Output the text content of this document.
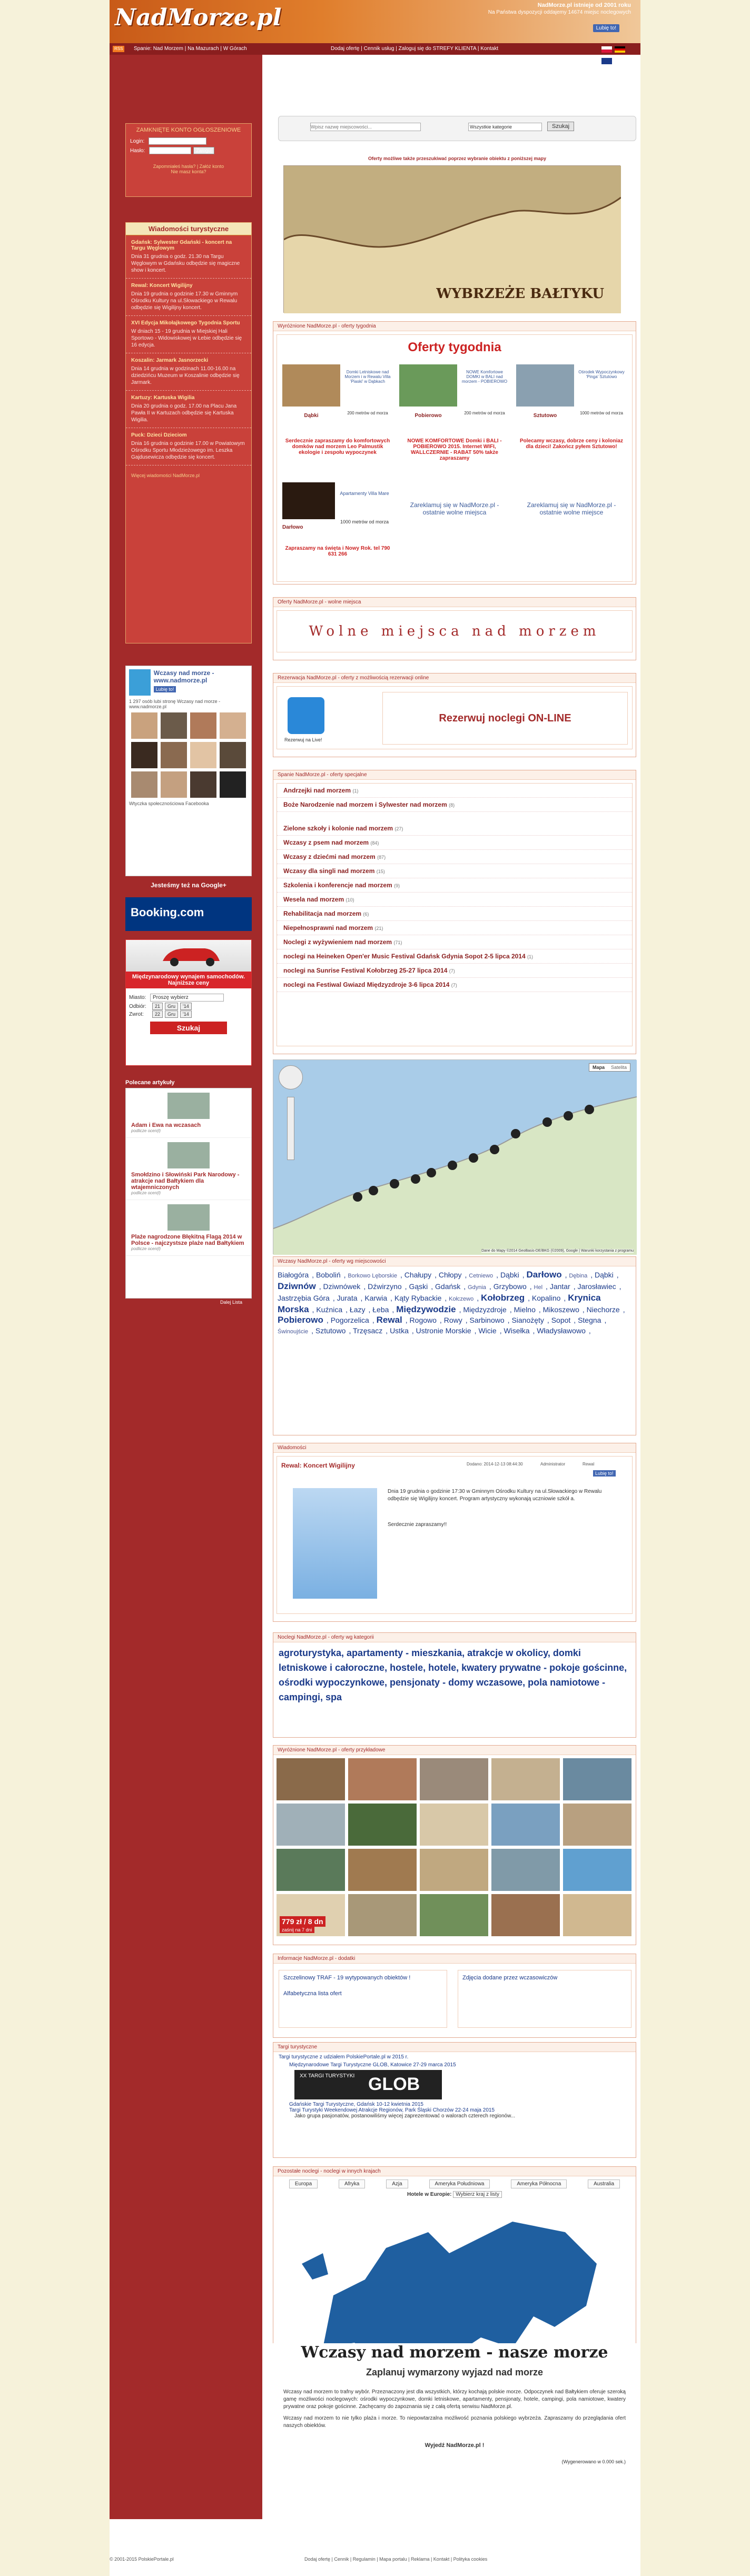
NadMorze.pl	NadMorze.pl istnieje od 2001 roku
Na Państwa dyspozycji oddajemy 14674 miejsc noclegowych
Lubię to!
RSS	Spanie: Nad Morzem | Na Mazurach | W Górach	Dodaj ofertę | Cennik usług | Zaloguj się do STREFY KLIENTA | Kontakt

ZAMKNIĘTE KONTO OGŁOSZENIOWE
Login:
Hasło:	Zaloguj
Zapomniałeś hasła? | Załóż konto
Nie masz konta?
Wiadomości turystyczne
Gdańsk: Sylwester Gdański - koncert na Targu Węglowym

Dnia 31 grudnia o godz. 21.30 na Targu Węglowym w Gdańsku odbędzie się magiczne show i koncert.

Rewal: Koncert Wigilijny

Dnia 19 grudnia o godzinie 17.30 w Gminnym Ośrodku Kultury na ul.Słowackiego w Rewalu odbędzie się Wigilijny koncert.

XVI Edycja Mikołajkowego Tygodnia Sportu

W dniach 15 - 19 grudnia w Miejskiej Hali Sportowo - Widowiskowej w Łebie odbędzie się 16 edycja.

Koszalin: Jarmark Jasnorzecki

Dnia 14 grudnia w godzinach 11.00-16.00 na dziedzińcu Muzeum w Koszalinie odbędzie się Jarmark.

Kartuzy: Kartuska Wigilia

Dnia 20 grudnia o godz. 17.00 na Placu Jana Pawła II w Kartuzach odbędzie się Kartuska Wigilia.

Puck: Dzieci Dzieciom

Dnia 16 grudnia o godzinie 17.00 w Powiatowym Ośrodku Sportu Młodzieżowego im. Leszka Gajdusewicza odbędzie się koncert.

Więcej wiadomości NadMorze.pl
Wczasy nad morze - www.nadmorze.pl
Lubię to!
1 297 osób lubi stronę Wczasy nad morze - www.nadmorze.pl
Wtyczka społecznościowa Facebooka
Jesteśmy też na Google+
Booking.com
Międzynarodowy wynajem samochodów. Najniższe ceny
Miasto: Proszę wybierz
Odbiór: 21 Gru '14
Zwrot: 22 Gru '14
Szukaj
Polecane artykuły
Adam i Ewa na wczasach
podlicze ocen(ł)
Smołdzino i Słowiński Park Narodowy - atrakcje nad Bałtykiem dla wtajemniczonych
podlicze ocen(ł)
Plaże nagrodzone Błękitną Flagą 2014 w Polsce - najczystsze plaże nad Bałtykiem
podlicze ocen(ł)
Dalej Lista
Wpisz nazwę miejscowości...
Wszystkie kategorie	Szukaj
Oferty możliwe także przeszukiwać poprzez wybranie obiektu z poniższej mapy
WYBRZEŻE BAŁTYKU
Wyróżnione NadMorze.pl - oferty tygodnia
Oferty tygodnia
Domki Letniskowe nad Morzem i w Rewalu Villa 'Piaski' w Dąbkach
Dąbki	200 metrów od morza
NOWE Komfortowe DOMKI w BALI nad morzem - POBIEROWO
Pobierowo	200 metrów od morza
Ośrodek Wypoczynkowy 'Pinga' Sztutowo
Sztutowo	1000 metrów od morza
Serdecznie zapraszamy do komfortowych domków nad morzem Leo Palmustik ekologie i zespołu wypoczynek
NOWE KOMFORTOWE Domki i BALI - POBIEROWO 2015. Internet WIFI, WALLCZERNIE - RABAT 50% także zapraszamy
Polecamy wczasy, dobrze ceny i koloniaz dla dzieci! Zakończ pyłem Sztutowo!
Apartamenty Villa Mare
Darłowo
1000 metrów od morza
Zapraszamy na święta i Nowy Rok. tel 790 631 266
Zareklamuj się w NadMorze.pl - ostatnie wolne miejsca
Zareklamuj się w NadMorze.pl - ostatnie wolne miejsce
Oferty NadMorze.pl - wolne miejsca
Wolne miejsca nad morzem
Rezerwacja NadMorze.pl - oferty z możliwością rezerwacji online
Rezerwuj na Live!
Rezerwuj noclegi ON-LINE
Spanie NadMorze.pl - oferty specjalne
Andrzejki nad morzem (1)
Boże Narodzenie nad morzem i Sylwester nad morzem (8)
Zielone szkoły i kolonie nad morzem (27)
Wczasy z psem nad morzem (84)
Wczasy z dziećmi nad morzem (87)
Wczasy dla singli nad morzem (15)
Szkolenia i konferencje nad morzem (9)
Wesela nad morzem (10)
Rehabilitacja nad morzem (6)
Niepełnosprawni nad morzem (21)
Noclegi z wyżywieniem nad morzem (71)
noclegi na Heineken Open'er Music Festival Gdańsk Gdynia Sopot 2-5 lipca 2014 (1)
noclegi na Sunrise Festival Kołobrzeg 25-27 lipca 2014 (7)
noclegi na Festiwal Gwiazd Międzyzdroje 3-6 lipca 2014 (7)
Mapa Satelita
Dane do Mapy ©2014 GeoBasis-DE/BKG (©2009), Google | Warunki korzystania z programu
Wczasy NadMorze.pl - oferty wg miejscowości
Białogóra , Boboliń , Borkowo Lęborskie , Chałupy , Chłopy , Cetniewo , Dąbki , Darłowo , Dębina , Dąbki , Dziwnów , Dziwnówek , Dźwirzyno , Gąski , Gdańsk , Gdynia , Grzybowo , Hel , Jantar , Jarosławiec , Jastrzębia Góra , Jurata , Karwia , Kąty Rybackie , Kołczewo , Kołobrzeg , Kopalino , Krynica Morska , Kuźnica , Łazy , Łeba , Międzywodzie , Międzyzdroje , Mielno , Mikoszewo , Niechorze , Pobierowo , Pogorzelica , Rewal , Rogowo , Rowy , Sarbinowo , Sianożęty , Sopot , Stegna , Świnoujście , Sztutowo , Trzęsacz , Ustka , Ustronie Morskie , Wicie , Wisełka , Władysławowo ,
Wiadomości
Rewal: Koncert Wigilijny	Dodano: 2014-12-13 08:44:30	Administrator	Rewal
Lubię to!
Dnia 19 grudnia o godzinie 17:30 w Gminnym Ośrodku Kultury na ul.Słowackiego w Rewalu odbędzie się Wigilijny koncert. Program artystyczny wykonają uczniowie szkół a.
Serdecznie zapraszamy!!
Noclegi NadMorze.pl - oferty wg kategorii
agroturystyka, apartamenty - mieszkania, atrakcje w okolicy, domki letniskowe i całoroczne, hostele, hotele, kwatery prywatne - pokoje gościnne, ośrodki wypoczynkowe, pensjonaty - domy wczasowe, pola namiotowe - campingi, spa
Wyróżnione NadMorze.pl - oferty przykładowe
779 zł / 8 dn
zaśnij na 7 dni
Informacje NadMorze.pl - dodatki
Szczelinowy TRAF - 19 wytypowanych obiektów !
Alfabetyczna lista ofert
Zdjęcia dodane przez wczasowiczów
Targi turystyczne
Targi turystyczne z udziałem PolskiePortale.pl w 2015 r.
Międzynarodowe Targi Turystyczne GLOB, Katowice 27-29 marca 2015
XX TARGI TURYSTYKI GLOB
Gdańskie Targi Turystyczne, Gdańsk 10-12 kwietnia 2015
Targi Turystyki Weekendowej Atrakcje Regionów, Park Śląski Chorzów 22-24 maja 2015
Jako grupa pasjonatów, postanowiliśmy więcej zaprezentować o walorach czterech regionów...
Pozostałe noclegi - noclegi w innych krajach
Europa	Afryka	Azja	Ameryka Południowa	Ameryka Północna	Australia
Hotele w Europie: Wybierz kraj z listy
Wczasy nad morzem - nasze morze
Zaplanuj wymarzony wyjazd nad morze

Wczasy nad morzem to trafny wybór. Przeznaczony jest dla wszystkich, którzy kochają polskie morze. Odpoczynek nad Bałtykiem oferuje szeroką gamę możliwości noclegowych: ośrodki wypoczynkowe, domki letniskowe, apartamenty, pensjonaty, hotele, campingi, pola namiotowe, kwatery prywatne oraz pokoje gościnne. Zachęcamy do zapoznania się z całą ofertą serwisu NadMorze.pl.

Wczasy nad morzem to nie tylko plaża i morze. To niepowtarzalna możliwość poznania polskiego wybrzeża. Zapraszamy do przeglądania ofert naszych obiektów.

Wyjedź NadMorze.pl !
(Wygenerowano w 0.000 sek.)
© 2001-2015 PolskiePortale.pl	Dodaj ofertę | Cennik | Regulamin | Mapa portalu | Reklama | Kontakt | Polityka cookies
